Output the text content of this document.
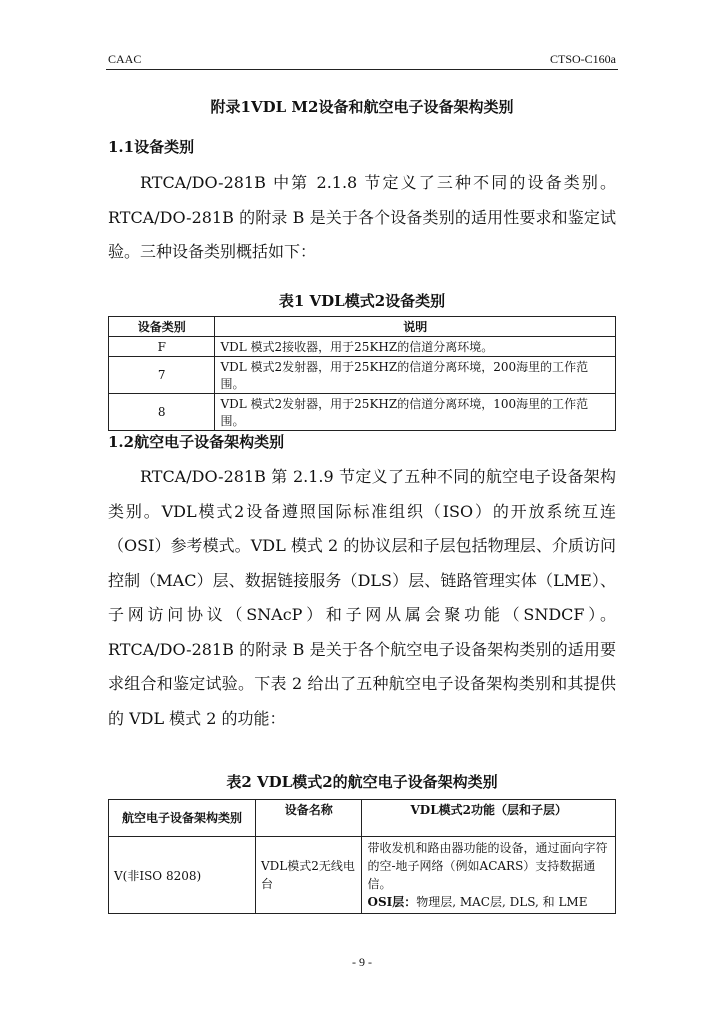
CAAC	CTSO-C160a
附录1VDL M2设备和航空电子设备架构类别
1.1设备类别

RTCA/DO-281B 中第 2.1.8 节定义了三种不同的设备类别。RTCA/DO-281B 的附录 B 是关于各个设备类别的适用性要求和鉴定试验。三种设备类别概括如下：

表1 VDL模式2设备类别
设备类别	说明
F	VDL 模式2接收器，用于25KHZ的信道分离环境。
7	VDL 模式2发射器，用于25KHZ的信道分离环境，200海里的工作范围。
8	VDL 模式2发射器，用于25KHZ的信道分离环境，100海里的工作范围。
1.2航空电子设备架构类别

RTCA/DO-281B 第 2.1.9 节定义了五种不同的航空电子设备架构类别。VDL模式2设备遵照国际标准组织（ISO）的开放系统互连（OSI）参考模式。VDL 模式 2 的协议层和子层包括物理层、介质访问控制（MAC）层、数据链接服务（DLS）层、链路管理实体（LME）、子网访问协议（SNAcP）和子网从属会聚功能（SNDCF）。RTCA/DO-281B 的附录 B 是关于各个航空电子设备架构类别的适用要求组合和鉴定试验。下表 2 给出了五种航空电子设备架构类别和其提供的 VDL 模式 2 的功能：

表2 VDL模式2的航空电子设备架构类别
航空电子设备架构类别	设备名称	VDL模式2功能（层和子层）
V(非ISO 8208)	VDL模式2无线电台	带收发机和路由器功能的设备，通过面向字符的空-地子网络（例如ACARS）支持数据通信。
OSI层：物理层, MAC层, DLS, 和 LME
- 9 -
